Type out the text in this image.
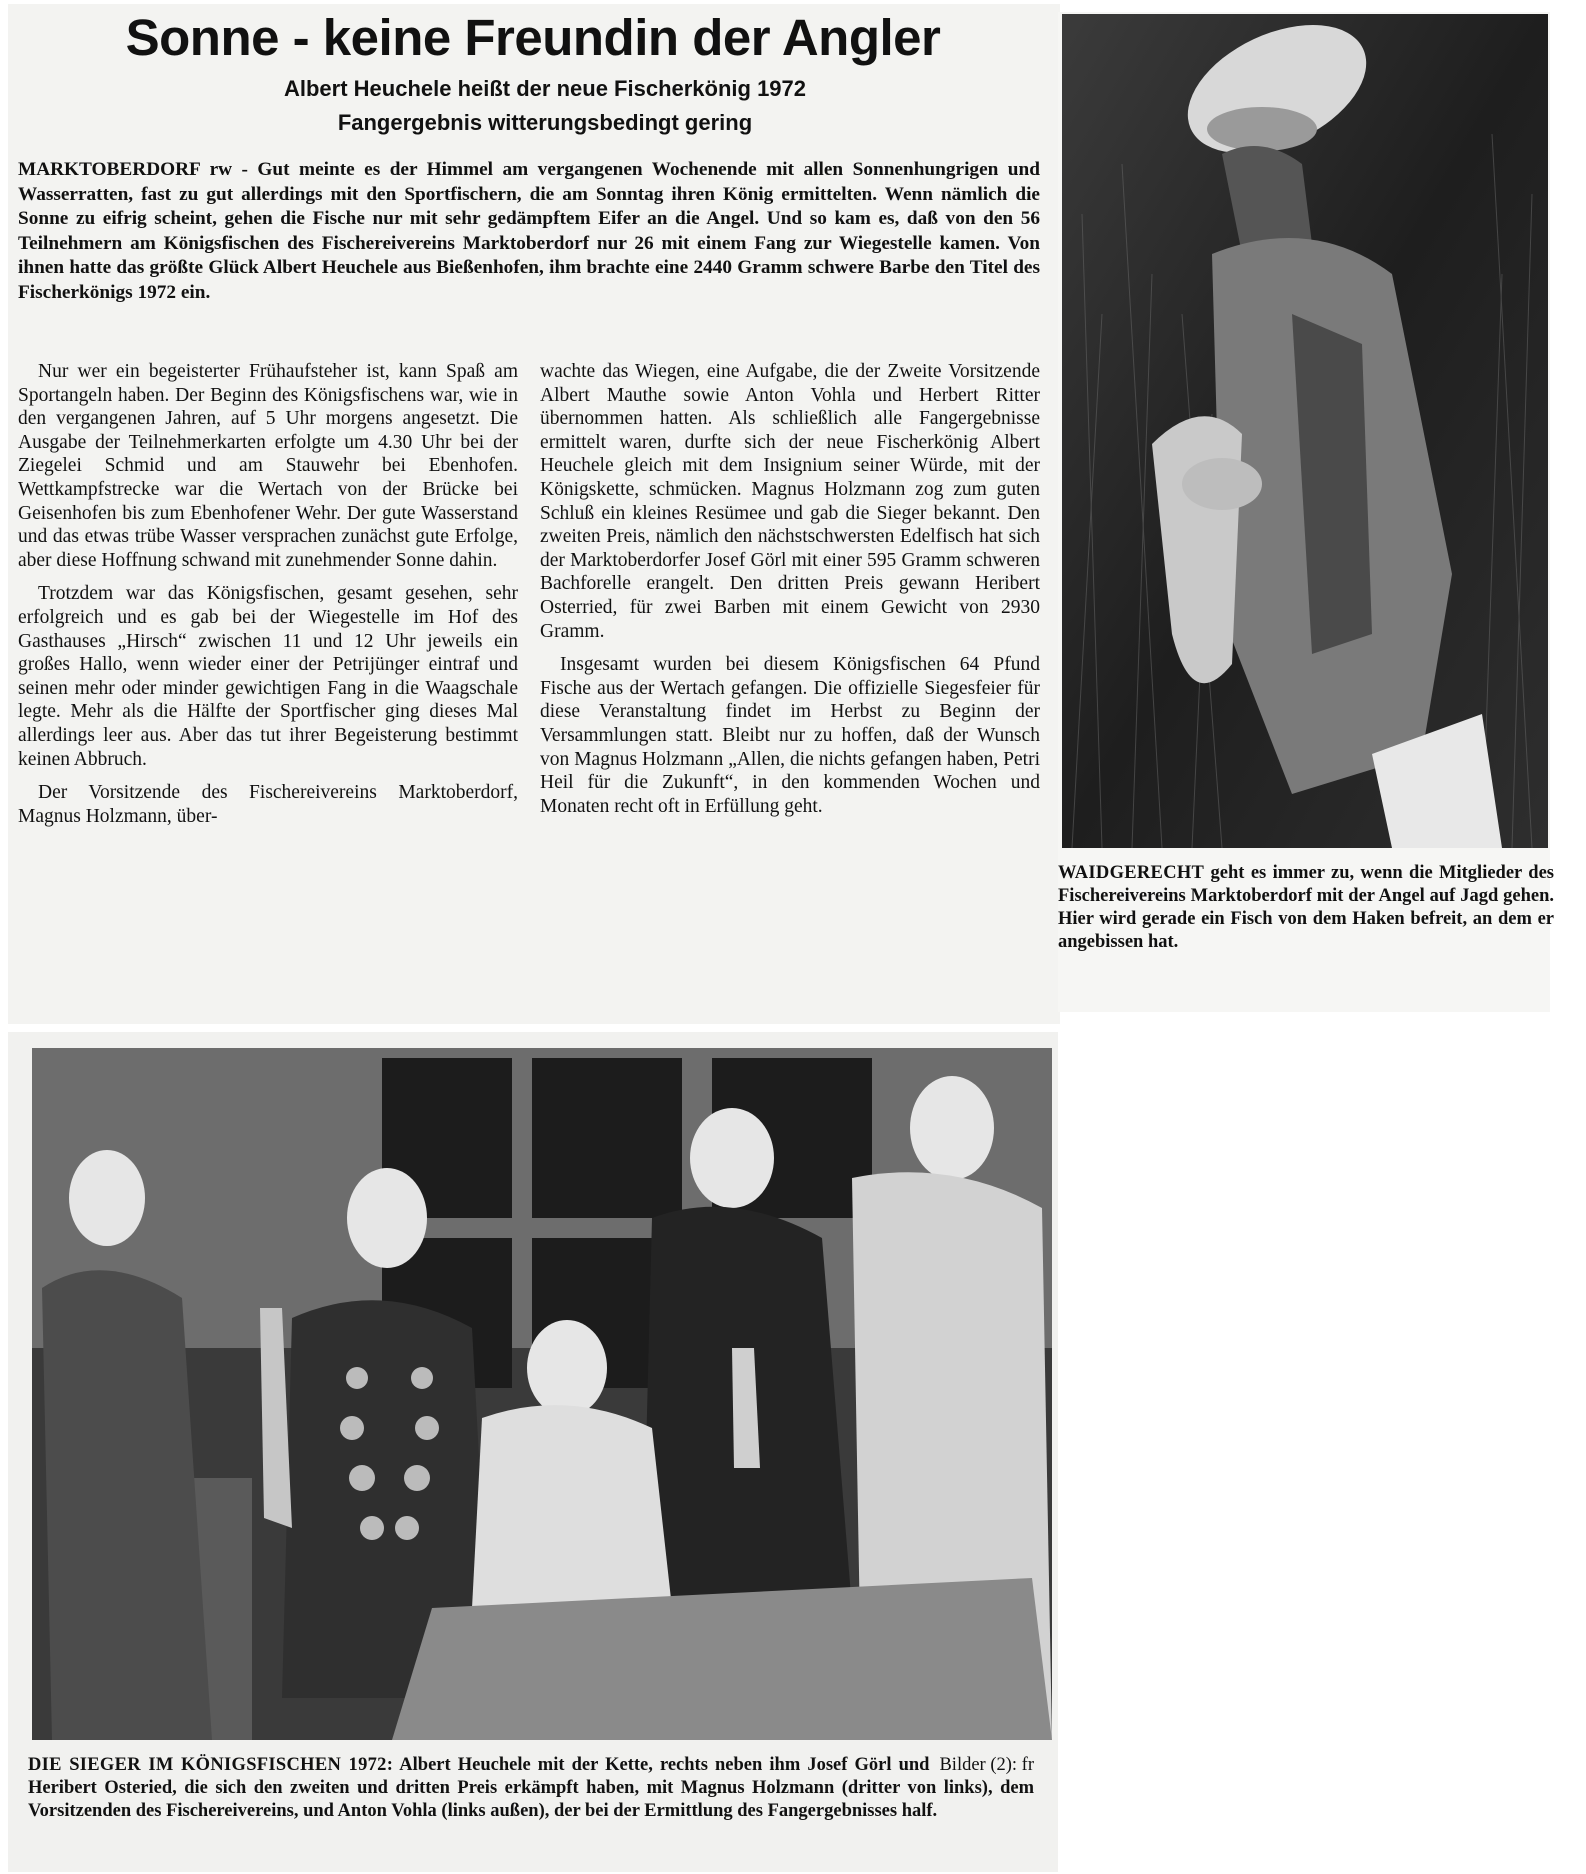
Sonne - keine Freundin der Angler
Albert Heuchele heißt der neue Fischerkönig 1972
Fangergebnis witterungsbedingt gering
MARKTOBERDORF rw - Gut meinte es der Himmel am vergangenen Wochenende mit allen Sonnenhungrigen und Wasserratten, fast zu gut allerdings mit den Sportfischern, die am Sonntag ihren König ermittelten. Wenn nämlich die Sonne zu eifrig scheint, gehen die Fische nur mit sehr gedämpftem Eifer an die Angel. Und so kam es, daß von den 56 Teilnehmern am Königsfischen des Fischereivereins Marktoberdorf nur 26 mit einem Fang zur Wiegestelle kamen. Von ihnen hatte das größte Glück Albert Heuchele aus Bießenhofen, ihm brachte eine 2440 Gramm schwere Barbe den Titel des Fischerkönigs 1972 ein.

Nur wer ein begeisterter Frühaufsteher ist, kann Spaß am Sportangeln haben. Der Beginn des Königsfischens war, wie in den vergangenen Jahren, auf 5 Uhr morgens angesetzt. Die Ausgabe der Teilnehmerkarten erfolgte um 4.30 Uhr bei der Ziegelei Schmid und am Stauwehr bei Ebenhofen. Wettkampfstrecke war die Wertach von der Brücke bei Geisenhofen bis zum Ebenhofener Wehr. Der gute Wasserstand und das etwas trübe Wasser versprachen zunächst gute Erfolge, aber diese Hoffnung schwand mit zunehmender Sonne dahin.

Trotzdem war das Königsfischen, gesamt gesehen, sehr erfolgreich und es gab bei der Wiegestelle im Hof des Gasthauses „Hirsch“ zwischen 11 und 12 Uhr jeweils ein großes Hallo, wenn wieder einer der Petrijünger eintraf und seinen mehr oder minder gewichtigen Fang in die Waagschale legte. Mehr als die Hälfte der Sportfischer ging dieses Mal allerdings leer aus. Aber das tut ihrer Begeisterung bestimmt keinen Abbruch.

Der Vorsitzende des Fischereivereins Marktoberdorf, Magnus Holzmann, über-

wachte das Wiegen, eine Aufgabe, die der Zweite Vorsitzende Albert Mauthe sowie Anton Vohla und Herbert Ritter übernommen hatten. Als schließlich alle Fangergebnisse ermittelt waren, durfte sich der neue Fischerkönig Albert Heuchele gleich mit dem Insignium seiner Würde, mit der Königskette, schmücken. Magnus Holzmann zog zum guten Schluß ein kleines Resümee und gab die Sieger bekannt. Den zweiten Preis, nämlich den nächstschwersten Edelfisch hat sich der Marktoberdorfer Josef Görl mit einer 595 Gramm schweren Bachforelle erangelt. Den dritten Preis gewann Heribert Osterried, für zwei Barben mit einem Gewicht von 2930 Gramm.

Insgesamt wurden bei diesem Königsfischen 64 Pfund Fische aus der Wertach gefangen. Die offizielle Siegesfeier für diese Veranstaltung findet im Herbst zu Beginn der Versammlungen statt. Bleibt nur zu hoffen, daß der Wunsch von Magnus Holzmann „Allen, die nichts gefangen haben, Petri Heil für die Zukunft“, in den kommenden Wochen und Monaten recht oft in Erfüllung geht.

WAIDGERECHT geht es immer zu, wenn die Mitglieder des Fischereivereins Marktoberdorf mit der Angel auf Jagd gehen. Hier wird gerade ein Fisch von dem Haken befreit, an dem er angebissen hat.
Bilder (2): fr
DIE SIEGER IM KÖNIGSFISCHEN 1972: Albert Heuchele mit der Kette, rechts neben ihm Josef Görl und Heribert Osteried, die sich den zweiten und dritten Preis erkämpft haben, mit Magnus Holzmann (dritter von links), dem Vorsitzenden des Fischereivereins, und Anton Vohla (links außen), der bei der Ermittlung des Fangergebnisses half.
